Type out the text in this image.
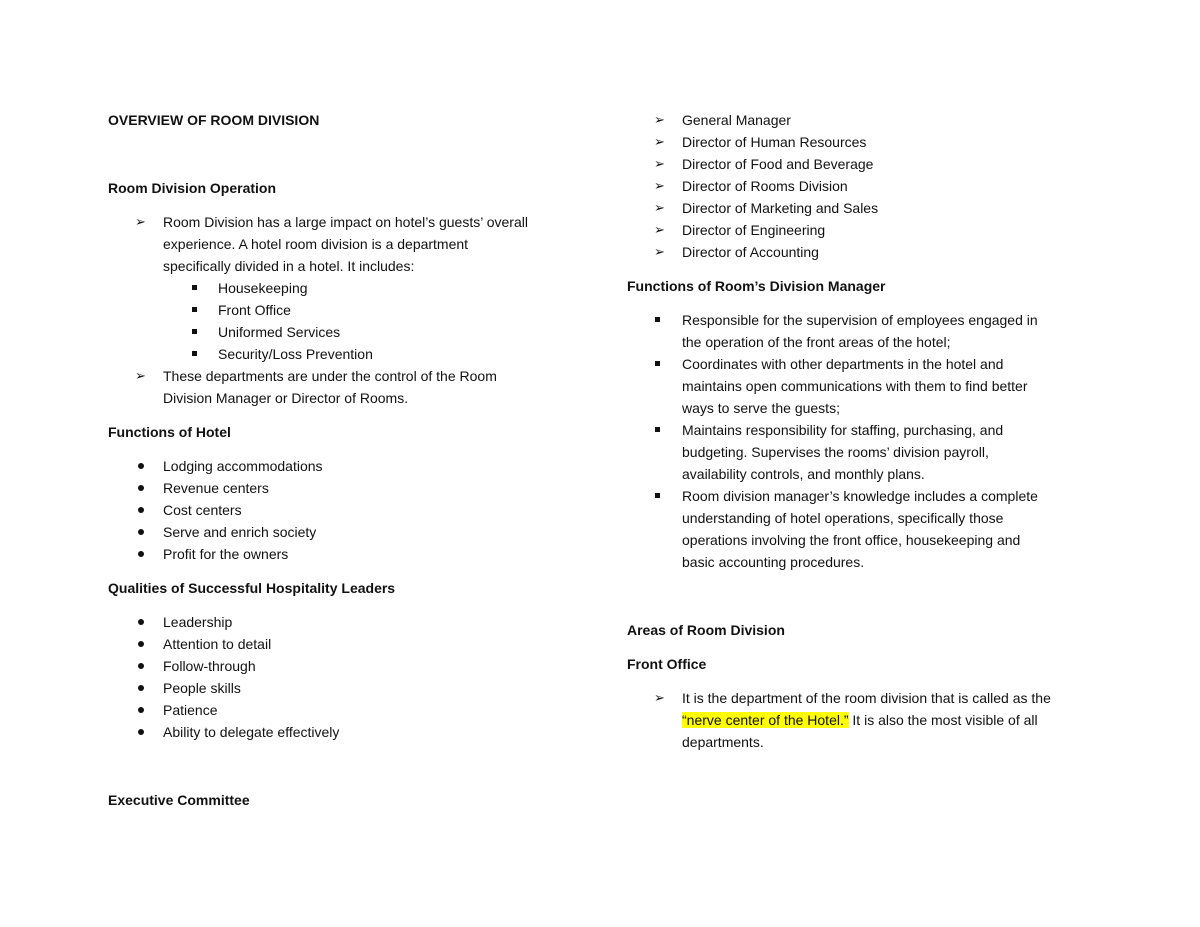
OVERVIEW OF ROOM DIVISION
Room Division Operation
➢ Room Division has a large impact on hotel’s guests’ overall
experience. A hotel room division is a department
specifically divided in a hotel. It includes:
Housekeeping
Front Office
Uniformed Services
Security/Loss Prevention
➢ These departments are under the control of the Room
Division Manager or Director of Rooms.
Functions of Hotel
Lodging accommodations
Revenue centers
Cost centers
Serve and enrich society
Profit for the owners
Qualities of Successful Hospitality Leaders
Leadership
Attention to detail
Follow-through
People skills
Patience
Ability to delegate effectively
Executive Committee
➢ General Manager
➢ Director of Human Resources
➢ Director of Food and Beverage
➢ Director of Rooms Division
➢ Director of Marketing and Sales
➢ Director of Engineering
➢ Director of Accounting
Functions of Room’s Division Manager
Responsible for the supervision of employees engaged in
the operation of the front areas of the hotel;
Coordinates with other departments in the hotel and
maintains open communications with them to find better
ways to serve the guests;
Maintains responsibility for staffing, purchasing, and
budgeting. Supervises the rooms’ division payroll,
availability controls, and monthly plans.
Room division manager’s knowledge includes a complete
understanding of hotel operations, specifically those
operations involving the front office, housekeeping and
basic accounting procedures.
Areas of Room Division
Front Office
➢ It is the department of the room division that is called as the
“nerve center of the Hotel.” It is also the most visible of all
departments.
